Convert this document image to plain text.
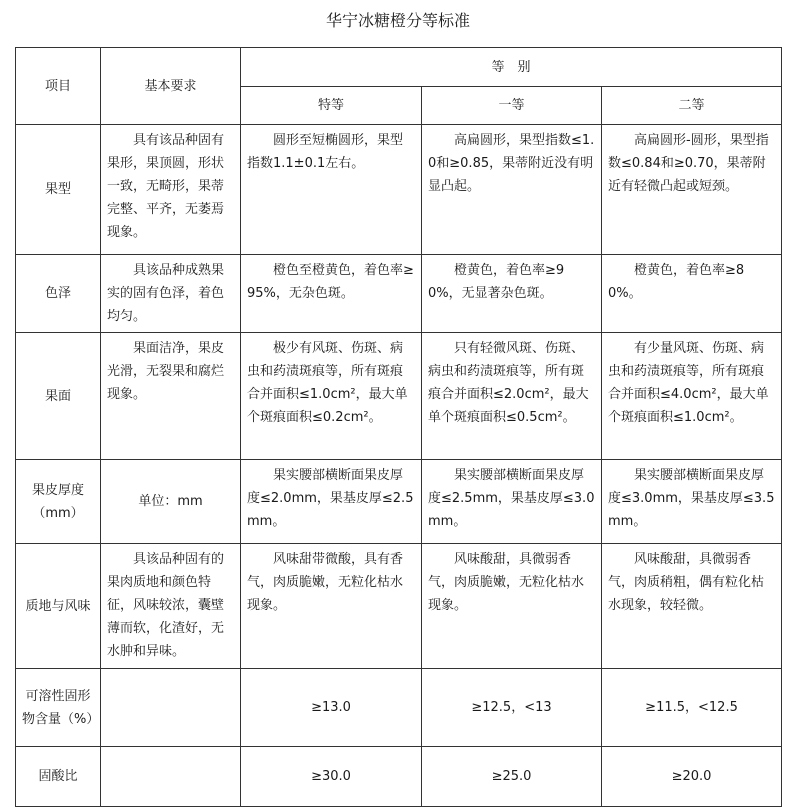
华宁冰糖橙分等标准
项目	基本要求	等　别		
		特等	一等	二等
果型	具有该品种固有果形，果顶圆，形状一致，无畸形，果蒂完整、平齐，无萎焉现象。	圆形至短椭圆形，果型指数1.1±0.1左右。	高扁圆形，果型指数≤1.0和≥0.85，果蒂附近没有明显凸起。	高扁圆形-圆形，果型指数≤0.84和≥0.70，果蒂附近有轻微凸起或短颈。
色泽	具该品种成熟果实的固有色泽，着色均匀。	橙色至橙黄色，着色率≥95%，无杂色斑。	橙黄色，着色率≥90%，无显著杂色斑。	橙黄色，着色率≥80%。
果面	果面洁净，果皮光滑，无裂果和腐烂现象。	极少有风斑、伤斑、病虫和药渍斑痕等，所有斑痕合并面积≤1.0cm²，最大单个斑痕面积≤0.2cm²。	只有轻微风斑、伤斑、病虫和药渍斑痕等，所有斑痕合并面积≤2.0cm²，最大单个斑痕面积≤0.5cm²。	有少量风斑、伤斑、病虫和药渍斑痕等，所有斑痕合并面积≤4.0cm²，最大单个斑痕面积≤1.0cm²。
果皮厚度（mm）	单位：mm	果实腰部横断面果皮厚度≤2.0mm，果基皮厚≤2.5mm。	果实腰部横断面果皮厚度≤2.5mm，果基皮厚≤3.0mm。	果实腰部横断面果皮厚度≤3.0mm，果基皮厚≤3.5mm。
质地与风味	具该品种固有的果肉质地和颜色特征，风味较浓，囊壁薄而软，化渣好，无水肿和异味。	风味甜带微酸，具有香气，肉质脆嫩，无粒化枯水现象。	风味酸甜，具微弱香气，肉质脆嫩，无粒化枯水现象。	风味酸甜，具微弱香气，肉质稍粗，偶有粒化枯水现象，较轻微。
可溶性固形物含量（%）		≥13.0	≥12.5，<13	≥11.5，<12.5
固酸比		≥30.0	≥25.0	≥20.0
